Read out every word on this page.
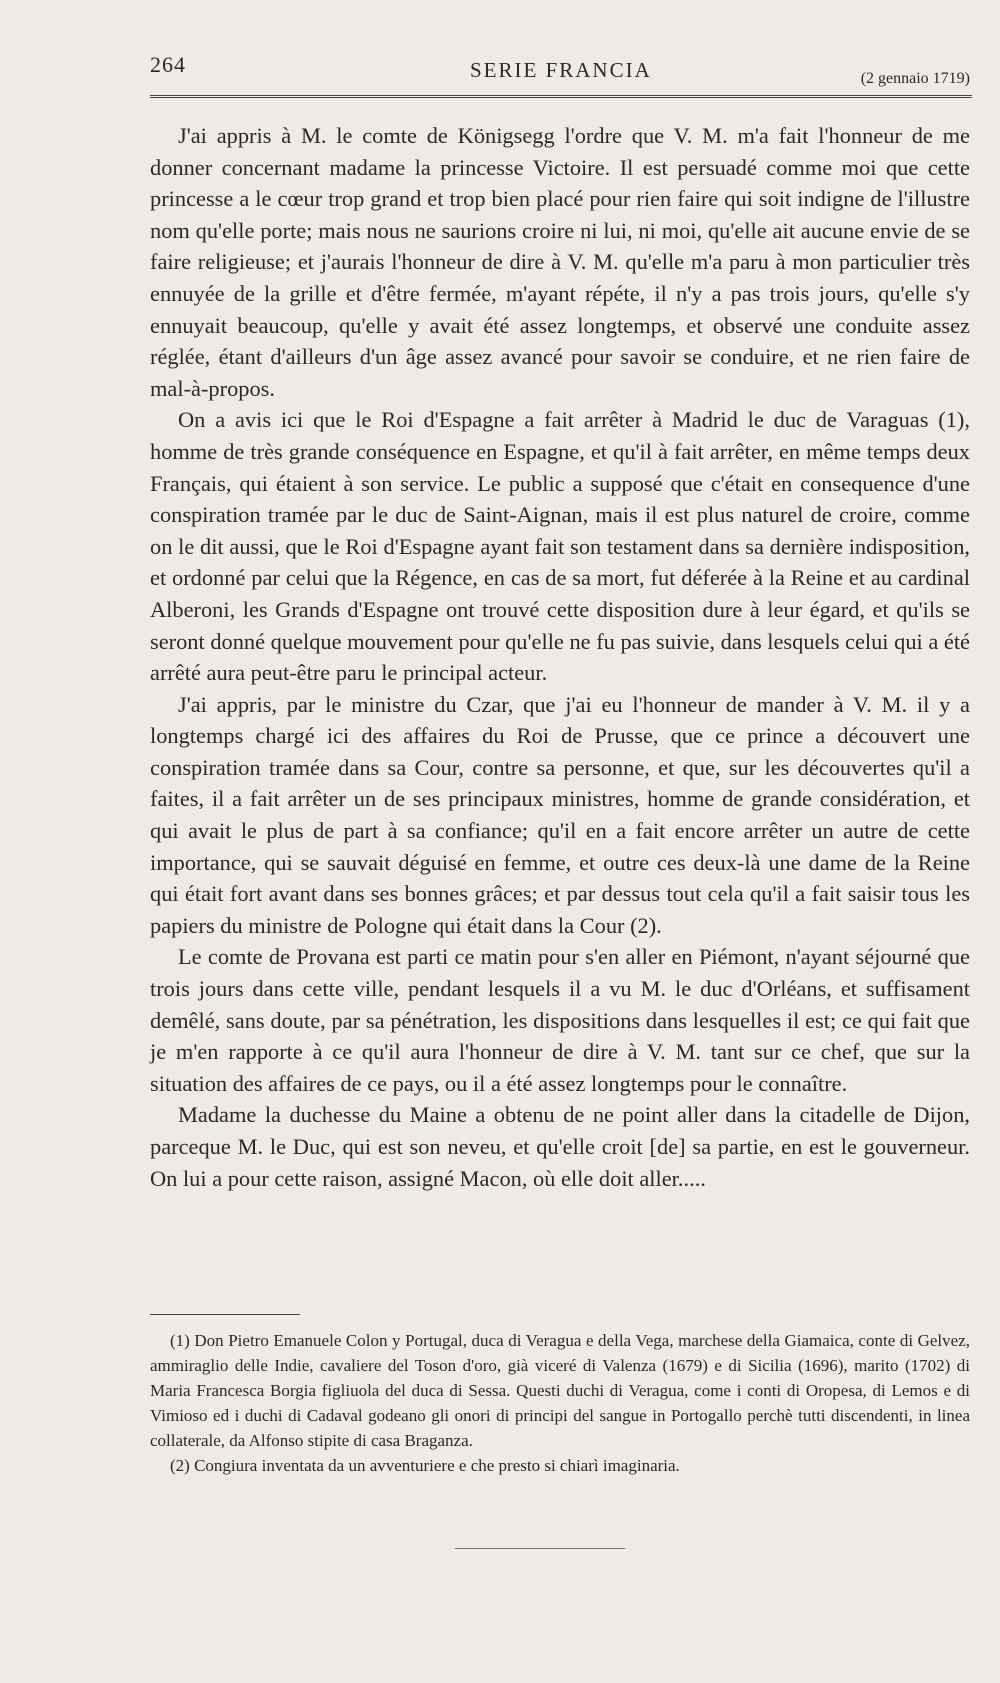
264	SERIE FRANCIA	(2 gennaio 1719)

J'ai appris à M. le comte de Königsegg l'ordre que V. M. m'a fait l'honneur de me donner concernant madame la princesse Victoire. Il est persuadé comme moi que cette princesse a le cœur trop grand et trop bien placé pour rien faire qui soit indigne de l'illustre nom qu'elle porte; mais nous ne saurions croire ni lui, ni moi, qu'elle ait aucune envie de se faire religieuse; et j'aurais l'honneur de dire à V. M. qu'elle m'a paru à mon particulier très ennuyée de la grille et d'être fermée, m'ayant répéte, il n'y a pas trois jours, qu'elle s'y ennuyait beaucoup, qu'elle y avait été assez longtemps, et observé une conduite assez réglée, étant d'ailleurs d'un âge assez avancé pour savoir se conduire, et ne rien faire de mal-à-propos.

On a avis ici que le Roi d'Espagne a fait arrêter à Madrid le duc de Varaguas (1), homme de très grande conséquence en Espagne, et qu'il à fait arrêter, en même temps deux Français, qui étaient à son service. Le public a supposé que c'était en consequence d'une conspiration tramée par le duc de Saint-Aignan, mais il est plus naturel de croire, comme on le dit aussi, que le Roi d'Espagne ayant fait son testament dans sa dernière indisposition, et ordonné par celui que la Régence, en cas de sa mort, fut déferée à la Reine et au cardinal Alberoni, les Grands d'Espagne ont trouvé cette disposition dure à leur égard, et qu'ils se seront donné quelque mouvement pour qu'elle ne fu pas suivie, dans lesquels celui qui a été arrêté aura peut-être paru le principal acteur.

J'ai appris, par le ministre du Czar, que j'ai eu l'honneur de mander à V. M. il y a longtemps chargé ici des affaires du Roi de Prusse, que ce prince a découvert une conspiration tramée dans sa Cour, contre sa personne, et que, sur les découvertes qu'il a faites, il a fait arrêter un de ses principaux ministres, homme de grande considération, et qui avait le plus de part à sa confiance; qu'il en a fait encore arrêter un autre de cette importance, qui se sauvait déguisé en femme, et outre ces deux-là une dame de la Reine qui était fort avant dans ses bonnes grâces; et par dessus tout cela qu'il a fait saisir tous les papiers du ministre de Pologne qui était dans la Cour (2).

Le comte de Provana est parti ce matin pour s'en aller en Piémont, n'ayant séjourné que trois jours dans cette ville, pendant lesquels il a vu M. le duc d'Orléans, et suffisament demêlé, sans doute, par sa pénétration, les dispositions dans lesquelles il est; ce qui fait que je m'en rapporte à ce qu'il aura l'honneur de dire à V. M. tant sur ce chef, que sur la situation des affaires de ce pays, ou il a été assez longtemps pour le connaître.

Madame la duchesse du Maine a obtenu de ne point aller dans la citadelle de Dijon, parceque M. le Duc, qui est son neveu, et qu'elle croit [de] sa partie, en est le gouverneur. On lui a pour cette raison, assigné Macon, où elle doit aller.....

(1) Don Pietro Emanuele Colon y Portugal, duca di Veragua e della Vega, marchese della Giamaica, conte di Gelvez, ammiraglio delle Indie, cavaliere del Toson d'oro, già viceré di Valenza (1679) e di Sicilia (1696), marito (1702) di Maria Francesca Borgia figliuola del duca di Sessa. Questi duchi di Veragua, come i conti di Oropesa, di Lemos e di Vimioso ed i duchi di Cadaval godeano gli onori di principi del sangue in Portogallo perchè tutti discendenti, in linea collaterale, da Alfonso stipite di casa Braganza.

(2) Congiura inventata da un avventuriere e che presto si chiarì imaginaria.
